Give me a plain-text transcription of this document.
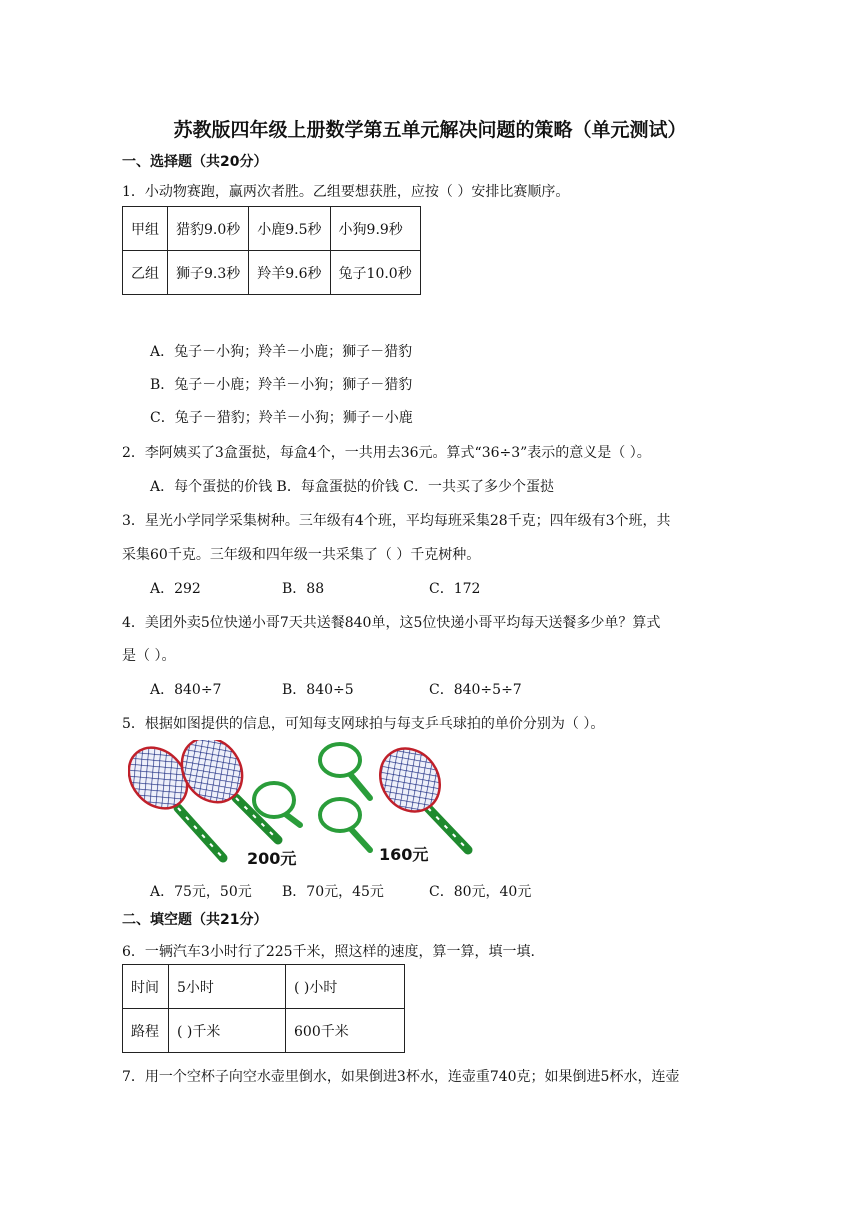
苏教版四年级上册数学第五单元解决问题的策略（单元测试）
一、选择题（共20分）
1．小动物赛跑，赢两次者胜。乙组要想获胜，应按（ ）安排比赛顺序。
甲组	猎豹9.0秒	小鹿9.5秒	小狗9.9秒
乙组	狮子9.3秒	羚羊9.6秒	兔子10.0秒
A．兔子－小狗；羚羊－小鹿；狮子－猎豹
B．兔子－小鹿；羚羊－小狗；狮子－猎豹
C．兔子－猎豹；羚羊－小狗；狮子－小鹿
2．李阿姨买了3盒蛋挞，每盒4个，一共用去36元。算式“36÷3”表示的意义是（ ）。
A．每个蛋挞的价钱 B．每盒蛋挞的价钱 C．一共买了多少个蛋挞
3．星光小学同学采集树种。三年级有4个班，平均每班采集28千克；四年级有3个班，共
采集60千克。三年级和四年级一共采集了（ ）千克树种。
A．292	B．88	C．172
4．美团外卖5位快递小哥7天共送餐840单，这5位快递小哥平均每天送餐多少单？算式
是（ ）。
A．840÷7	B．840÷5	C．840÷5÷7
5．根据如图提供的信息，可知每支网球拍与每支乒乓球拍的单价分别为（ ）。
200元	160元
A．75元，50元 B．70元，45元	C．80元，40元
二、填空题（共21分）
6．一辆汽车3小时行了225千米，照这样的速度，算一算，填一填.
时间	5小时	( )小时
路程	( )千米	600千米
7．用一个空杯子向空水壶里倒水，如果倒进3杯水，连壶重740克；如果倒进5杯水，连壶
